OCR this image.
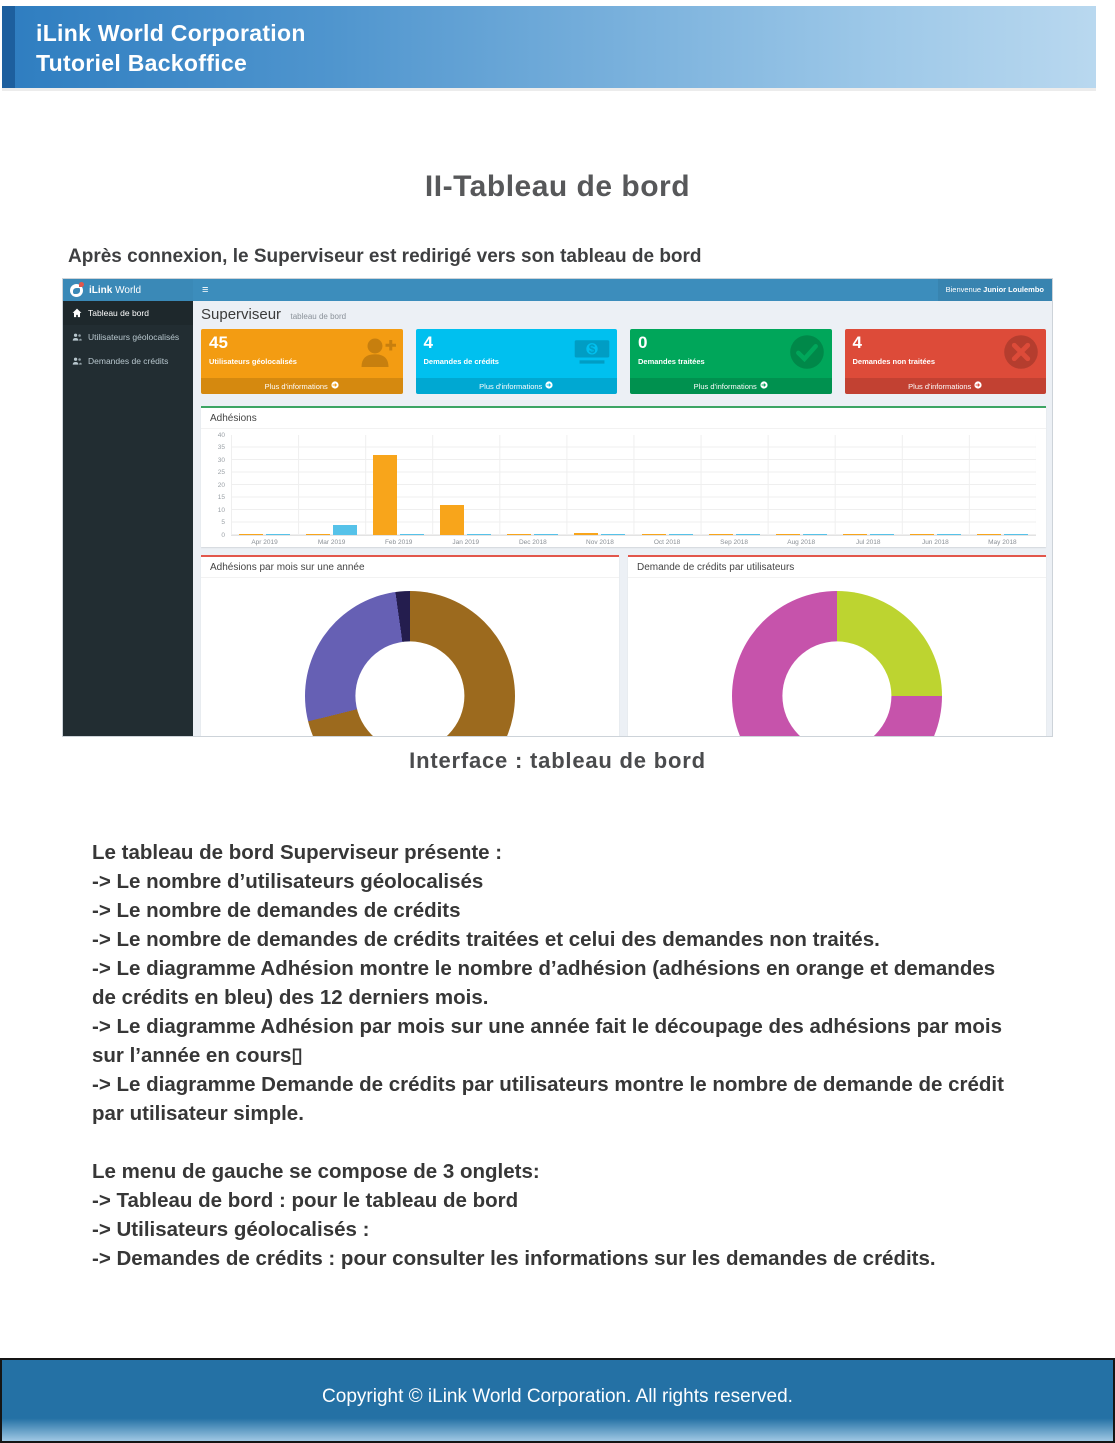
iLink World Corporation
Tutoriel Backoffice
II-Tableau de bord
Après connexion, le Superviseur est redirigé vers son tableau de bord
iLink World	≡	Bienvenue Junior Loulembo
Tableau de bord
Utilisateurs géolocalisés
Demandes de crédits
Superviseur tableau de bord
45
Utilisateurs géolocalisés
Plus d'informations
4
Demandes de crédits
$
Plus d'informations
0
Demandes traitées
Plus d'informations
4
Demandes non traitées
Plus d'informations
Adhésions
0
5
10
15
20
25
30
35
40
Apr 2019	Mar 2019	Feb 2019	Jan 2019	Dec 2018	Nov 2018	Oct 2018	Sep 2018	Aug 2018	Jul 2018	Jun 2018	May 2018
Adhésions par mois sur une année	Demande de crédits par utilisateurs
Interface : tableau de bord

Le tableau de bord Superviseur présente :

-> Le nombre d’utilisateurs géolocalisés

-> Le nombre de demandes de crédits

-> Le nombre de demandes de crédits traitées et celui des demandes non traités.

-> Le diagramme Adhésion montre le nombre d’adhésion (adhésions en orange et demandes de crédits en bleu) des 12 derniers mois.

-> Le diagramme Adhésion par mois sur une année fait le découpage des adhésions par mois sur l’année en cours▯

-> Le diagramme Demande de crédits par utilisateurs montre le nombre de demande de crédit par utilisateur simple.

Le menu de gauche se compose de 3 onglets:

-> Tableau de bord : pour le tableau de bord

-> Utilisateurs géolocalisés :

-> Demandes de crédits : pour consulter les informations sur les demandes de crédits.

Copyright © iLink World Corporation. All rights reserved.
